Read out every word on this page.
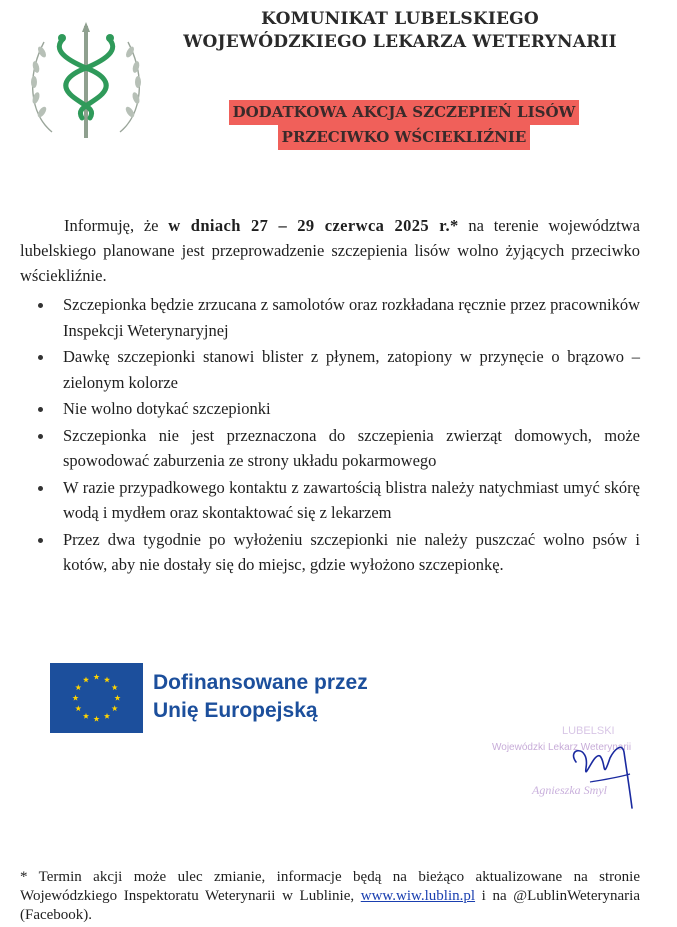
KOMUNIKAT LUBELSKIEGO
WOJEWÓDZKIEGO LEKARZA WETERYNARII
DODATKOWA AKCJA SZCZEPIEŃ LISÓW
PRZECIWKO WŚCIEKLIŹNIE

Informuję, że w dniach 27 – 29 czerwca 2025 r.* na terenie województwa lubelskiego planowane jest przeprowadzenie szczepienia lisów wolno żyjących przeciwko wściekliźnie.

Szczepionka będzie zrzucana z samolotów oraz rozkładana ręcznie przez pracowników Inspekcji Weterynaryjnej
Dawkę szczepionki stanowi blister z płynem, zatopiony w przynęcie o brązowo – zielonym kolorze
Nie wolno dotykać szczepionki
Szczepionka nie jest przeznaczona do szczepienia zwierząt domowych, może spowodować zaburzenia ze strony układu pokarmowego
W razie przypadkowego kontaktu z zawartością blistra należy natychmiast umyć skórę wodą i mydłem oraz skontaktować się z lekarzem
Przez dwa tygodnie po wyłożeniu szczepionki nie należy puszczać wolno psów i kotów, aby nie dostały się do miejsc, gdzie wyłożono szczepionkę.
Dofinansowane przez
Unię Europejską
LUBELSKI
Wojewódzki Lekarz Weterynarii
Agnieszka Smyl

* Termin akcji może ulec zmianie, informacje będą na bieżąco aktualizowane na stronie Wojewódzkiego Inspektoratu Weterynarii w Lublinie, www.wiw.lublin.pl i na @LublinWeterynaria (Facebook).
